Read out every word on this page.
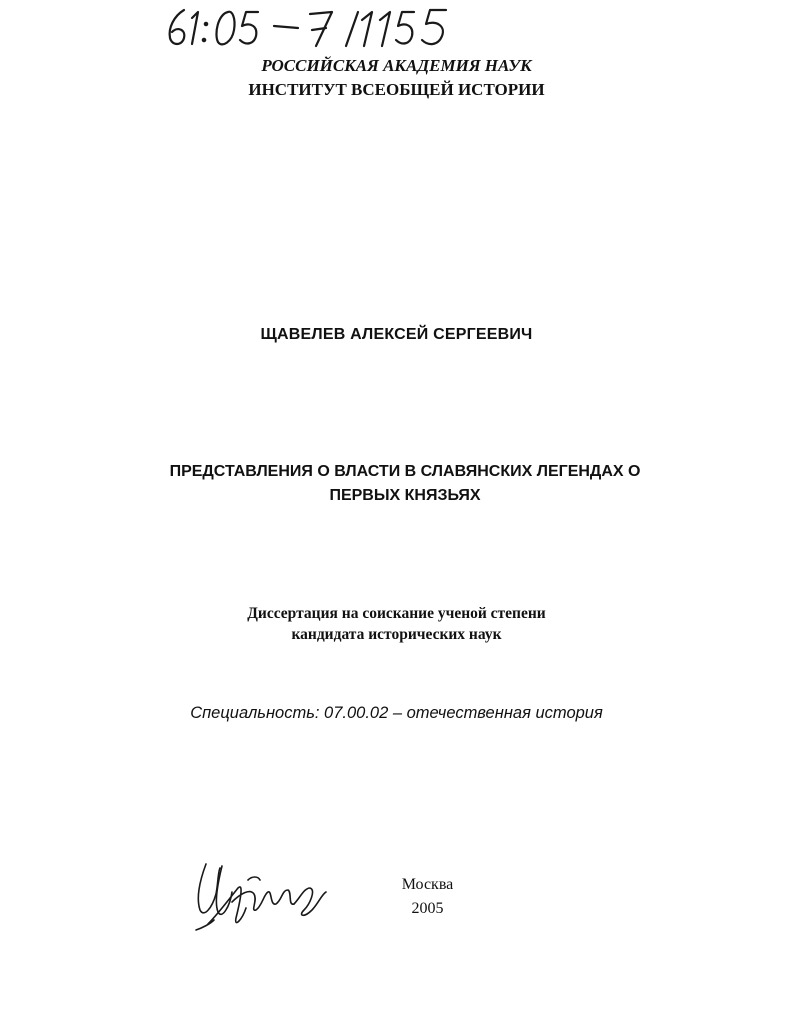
РОССИЙСКАЯ АКАДЕМИЯ НАУК
ИНСТИТУТ ВСЕОБЩЕЙ ИСТОРИИ
ЩАВЕЛЕВ АЛЕКСЕЙ СЕРГЕЕВИЧ
ПРЕДСТАВЛЕНИЯ О ВЛАСТИ В СЛАВЯНСКИХ ЛЕГЕНДАХ О
ПЕРВЫХ КНЯЗЬЯХ
Диссертация на соискание ученой степени
кандидата исторических наук
Специальность: 07.00.02 – отечественная история
Москва
2005
